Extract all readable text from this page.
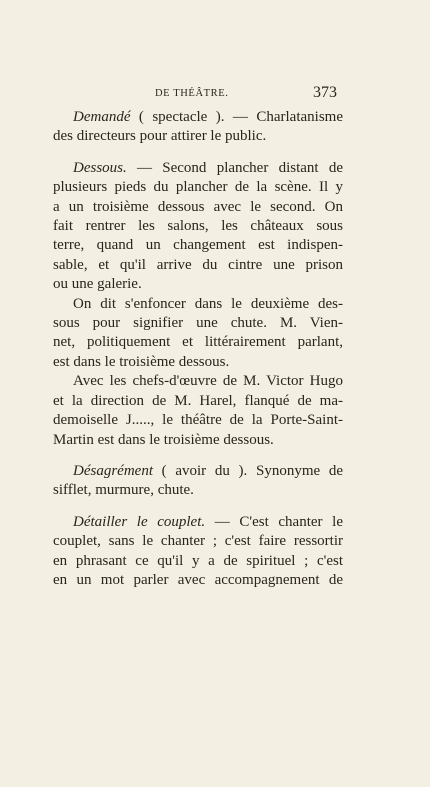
DE THÉÂTRE.	373
Demandé ( spectacle ). — Charlatanisme
des directeurs pour attirer le public.
Dessous. — Second plancher distant de
plusieurs pieds du plancher de la scène. Il y
a un troisième dessous avec le second. On
fait rentrer les salons, les châteaux sous
terre, quand un changement est indispen-
sable, et qu'il arrive du cintre une prison
ou une galerie.
On dit s'enfoncer dans le deuxième des-
sous pour signifier une chute. M. Vien-
net, politiquement et littérairement parlant,
est dans le troisième dessous.
Avec les chefs-d'œuvre de M. Victor Hugo
et la direction de M. Harel, flanqué de ma-
demoiselle J....., le théâtre de la Porte-Saint-
Martin est dans le troisième dessous.
Désagrément ( avoir du ). Synonyme de
sifflet, murmure, chute.
Détailler le couplet. — C'est chanter le
couplet, sans le chanter ; c'est faire ressortir
en phrasant ce qu'il y a de spirituel ; c'est
en un mot parler avec accompagnement de
